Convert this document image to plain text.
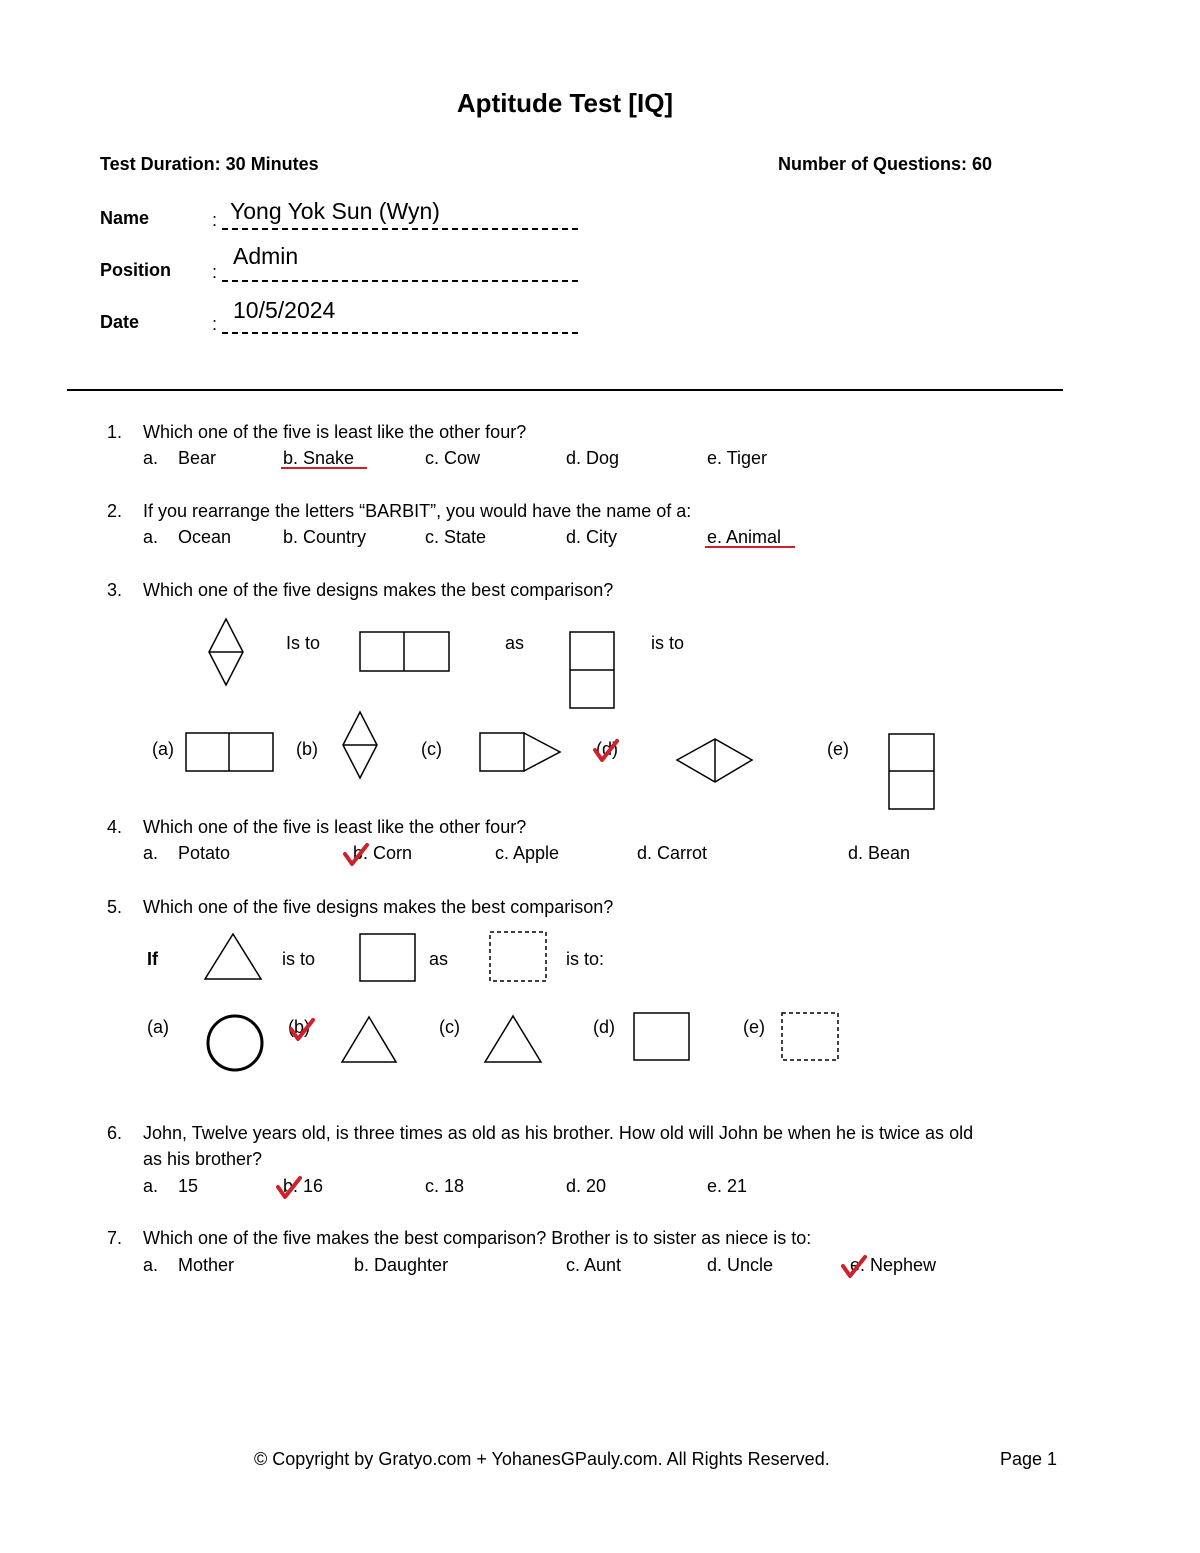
Aptitude Test [IQ]
Test Duration: 30 Minutes	Number of Questions: 60
Name	: Yong Yok Sun (Wyn)
Position :
Admin
Date	:
10/5/2024
1. Which one of the five is least like the other four?
a. Bear	b. Snake	c. Cow	d. Dog	e. Tiger
2. If you rearrange the letters “BARBIT”, you would have the name of a:
a. Ocean	b. Country	c. State	d. City	e. Animal
3. Which one of the five designs makes the best comparison?
Is to	as	is to
(a)	(b)	(c)	(d)	(e)
4. Which one of the five is least like the other four?
a. Potato	b. Corn	c. Apple	d. Carrot	d. Bean
5. Which one of the five designs makes the best comparison?
If	is to	as	is to:
(a)	(b)	(c)	(d)	(e)
6. John, Twelve years old, is three times as old as his brother. How old will John be when he is twice as old
as his brother?
a. 15	b. 16	c. 18	d. 20	e. 21
7. Which one of the five makes the best comparison? Brother is to sister as niece is to:
a. Mother	b. Daughter	c. Aunt	d. Uncle	e. Nephew
© Copyright by Gratyo.com + YohanesGPauly.com. All Rights Reserved.	Page 1
